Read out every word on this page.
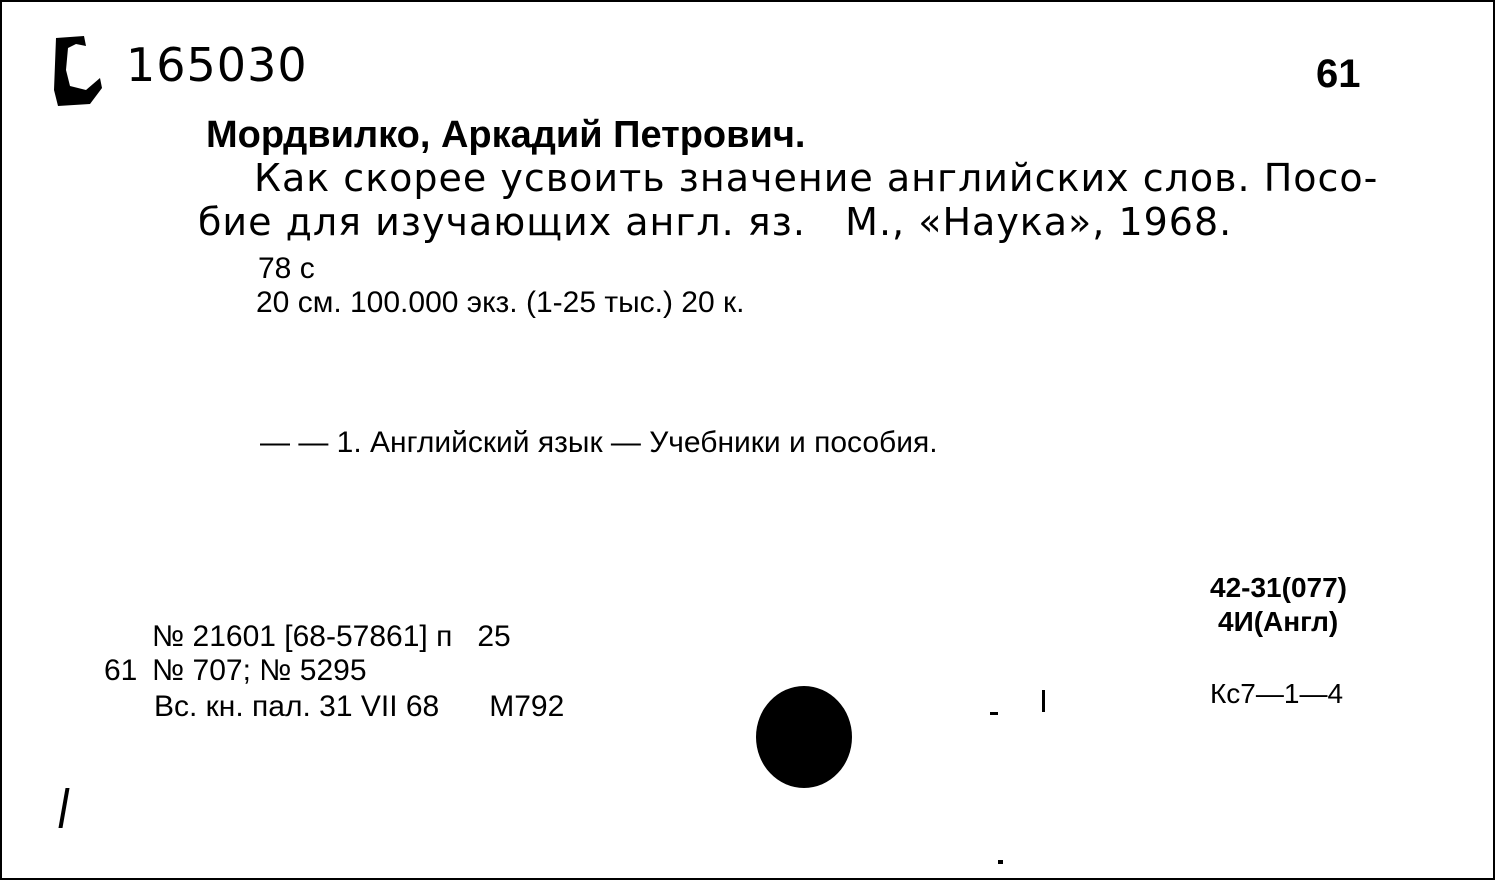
165030	61
Мордвилко, Аркадий Петрович.
Как скорее усвоить значение английских слов. Посо-
бие для изучающих англ. яз.   М., «Наука», 1968.
78 с
20 см. 100.000 экз. (1-25 тыс.) 20 к.
— — 1. Английский язык — Учебники и пособия.
42-31(077)
4И(Англ)
Кс7—1—4
№ 21601 [68-57861] п   25
61 № 707; № 5295
Вс. кн. пал. 31 VII 68      М792
